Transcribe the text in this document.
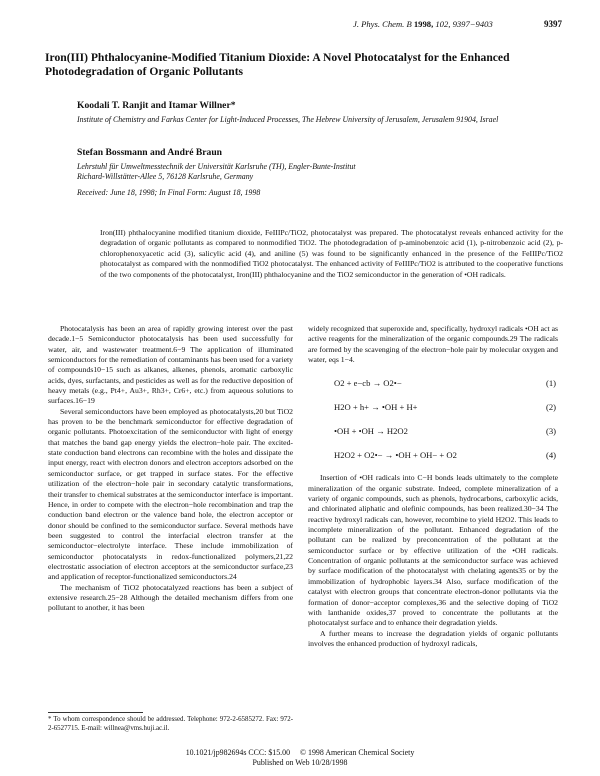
J. Phys. Chem. B 1998, 102, 9397−9403	9397
Iron(III) Phthalocyanine-Modified Titanium Dioxide: A Novel Photocatalyst for the Enhanced Photodegradation of Organic Pollutants
Koodali T. Ranjit and Itamar Willner*
Institute of Chemistry and Farkas Center for Light-Induced Processes, The Hebrew University of Jerusalem, Jerusalem 91904, Israel
Stefan Bossmann and André Braun
Lehrstuhl für Umweltmesstechnik der Universität Karlsruhe (TH), Engler-Bunte-Institut
Richard-Willstätter-Allee 5, 76128 Karlsruhe, Germany
Received: June 18, 1998; In Final Form: August 18, 1998
Iron(III) phthalocyanine modified titanium dioxide, FeIIIPc/TiO2, photocatalyst was prepared. The photocatalyst reveals enhanced activity for the degradation of organic pollutants as compared to nonmodified TiO2. The photodegradation of p-aminobenzoic acid (1), p-nitrobenzoic acid (2), p-chlorophenoxyacetic acid (3), salicylic acid (4), and aniline (5) was found to be significantly enhanced in the presence of the FeIIIPc/TiO2 photocatalyst as compared with the nonmodified TiO2 photocatalyst. The enhanced activity of FeIIIPc/TiO2 is attributed to the cooperative functions of the two components of the photocatalyst, Iron(III) phthalocyanine and the TiO2 semiconductor in the generation of •OH radicals.

Photocatalysis has been an area of rapidly growing interest over the past decade.1−5 Semiconductor photocatalysis has been used successfully for water, air, and wastewater treatment.6−9 The application of illuminated semiconductors for the remediation of contaminants has been used for a variety of compounds10−15 such as alkanes, alkenes, phenols, aromatic carboxylic acids, dyes, surfactants, and pesticides as well as for the reductive deposition of heavy metals (e.g., Pt4+, Au3+, Rh3+, Cr6+, etc.) from aqueous solutions to surfaces.16−19

Several semiconductors have been employed as photocatalysts,20 but TiO2 has proven to be the benchmark semiconductor for effective degradation of organic pollutants. Photoexcitation of the semiconductor with light of energy that matches the band gap energy yields the electron−hole pair. The excited-state conduction band electrons can recombine with the holes and dissipate the input energy, react with electron donors and electron acceptors adsorbed on the semiconductor surface, or get trapped in surface states. For the effective utilization of the electron−hole pair in secondary catalytic transformations, their transfer to chemical substrates at the semiconductor interface is important. Hence, in order to compete with the electron−hole recombination and trap the conduction band electron or the valence band hole, the electron acceptor or donor should be confined to the semiconductor surface. Several methods have been suggested to control the interfacial electron transfer at the semiconductor−electrolyte interface. These include immobilization of semiconductor photocatalysts in redox-functionalized polymers,21,22 electrostatic association of electron acceptors at the semiconductor surface,23 and application of receptor-functionalized semiconductors.24

The mechanism of TiO2 photocatalyzed reactions has been a subject of extensive research.25−28 Although the detailed mechanism differs from one pollutant to another, it has been

widely recognized that superoxide and, specifically, hydroxyl radicals •OH act as active reagents for the mineralization of the organic compounds.29 The radicals are formed by the scavenging of the electron−hole pair by molecular oxygen and water, eqs 1−4.
O2 + e−cb → O2•−	(1)
H2O + h+ → •OH + H+	(2)
•OH + •OH → H2O2	(3)
H2O2 + O2•− → •OH + OH− + O2	(4)

Insertion of •OH radicals into C−H bonds leads ultimately to the complete mineralization of the organic substrate. Indeed, complete mineralization of a variety of organic compounds, such as phenols, hydrocarbons, carboxylic acids, and chlorinated aliphatic and olefinic compounds, has been realized.30−34 The reactive hydroxyl radicals can, however, recombine to yield H2O2. This leads to incomplete mineralization of the pollutant. Enhanced degradation of the pollutant can be realized by preconcentration of the pollutant at the semiconductor surface or by effective utilization of the •OH radicals. Concentration of organic pollutants at the semiconductor surface was achieved by surface modification of the photocatalyst with chelating agents35 or by the immobilization of hydrophobic layers.34 Also, surface modification of the catalyst with electron groups that concentrate electron-donor pollutants via the formation of donor−acceptor complexes,36 and the selective doping of TiO2 with lanthanide oxides,37 proved to concentrate the pollutants at the photocatalyst surface and to enhance their degradation yields.

A further means to increase the degradation yields of organic pollutants involves the enhanced production of hydroxyl radicals,

* To whom correspondence should be addressed. Telephone: 972-2-6585272. Fax: 972-2-6527715. E-mail: willnea@vms.huji.ac.il.
10.1021/jp982694s CCC: $15.00 © 1998 American Chemical Society
Published on Web 10/28/1998
